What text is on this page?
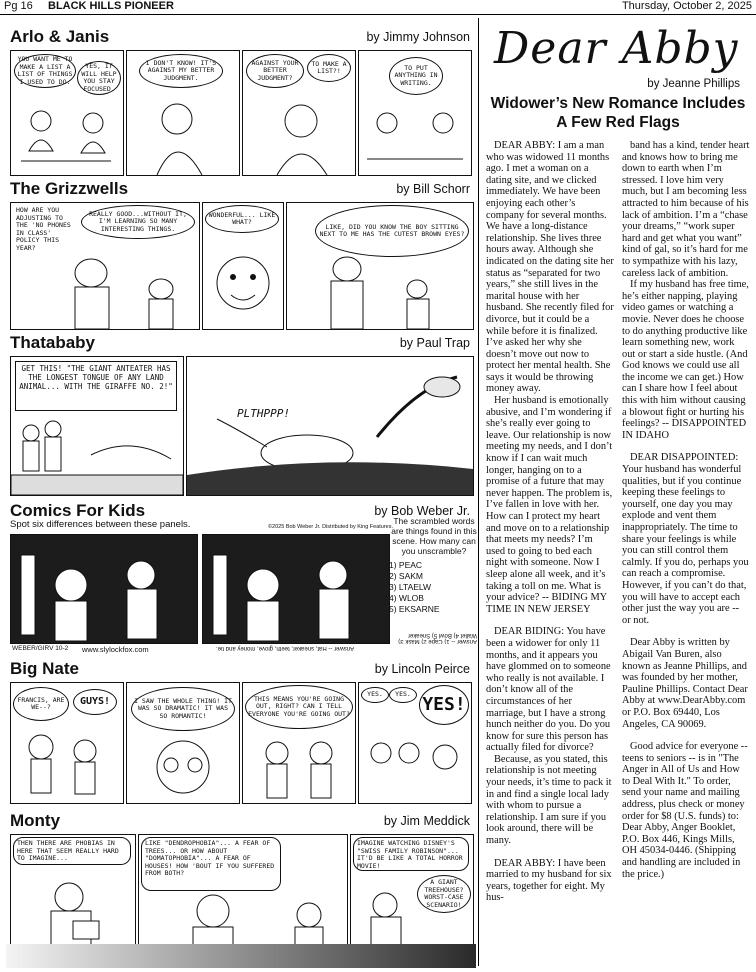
Pg 16 BLACK HILLS PIONEER	Thursday, October 2, 2025
Arlo & Janis	by Jimmy Johnson
YOU WANT ME TO MAKE A LIST A LIST OF THINGS I USED TO DO.
YES, IT WILL HELP YOU STAY FOCUSED.
I DON'T KNOW! IT'S AGAINST MY BETTER JUDGMENT.
AGAINST YOUR BETTER JUDGMENT?
TO MAKE A LIST?!	TO PUT ANYTHING IN WRITING.
The Grizzwells	by Bill Schorr
HOW ARE YOU ADJUSTING TO THE 'NO PHONES IN CLASS' POLICY THIS YEAR?
REALLY GOOD...WITHOUT IT, I'M LEARNING SO MANY INTERESTING THINGS.
WONDERFUL... LIKE WHAT?
LIKE, DID YOU KNOW THE BOY SITTING NEXT TO ME HAS THE CUTEST BROWN EYES?
Thatababy	by Paul Trap
GET THIS! "THE GIANT ANTEATER HAS THE LONGEST TONGUE OF ANY LAND ANIMAL... WITH THE GIRAFFE NO. 2!"
PLTHPPP!
Comics For Kids	by Bob Weber Jr.
Spot six differences between these panels.	©2025 Bob Weber Jr. Distributed by King Features.
The scrambled words are things found in this scene. How many can you unscramble?
1) PEAC
2) SAKM
3) LTAELW
4) WLOB
5) EKSARNE
WEBER/GIRV 10-2 www.slylockfox.com	Answer -- Hat, sneaker, teeth, glove, money and tie.
Answer -- 1) Cape 2) Mask 3) Wallet 4) Bowl 5) Sneaker
Big Nate	by Lincoln Peirce
FRANCIS, ARE WE--?	GUYS!	I SAW THE WHOLE THING! IT WAS SO DRAMATIC! IT WAS SO ROMANTIC!
THIS MEANS YOU'RE GOING OUT, RIGHT? CAN I TELL EVERYONE YOU'RE GOING OUT?
YES.	YES. YES!
Monty	by Jim Meddick
THEN THERE ARE PHOBIAS IN HERE THAT SEEM REALLY HARD TO IMAGINE...
LIKE "DENDROPHOBIA"... A FEAR OF TREES... OR HOW ABOUT "DOMATOPHOBIA"... A FEAR OF HOUSES! HOW 'BOUT IF YOU SUFFERED FROM BOTH?
IMAGINE WATCHING DISNEY'S "SWISS FAMILY ROBINSON"... IT'D BE LIKE A TOTAL HORROR MOVIE!
A GIANT TREEHOUSE? WORST-CASE SCENARIO!
Dear Abby
by Jeanne Phillips
Widower’s New Romance Includes A Few Red Flags

DEAR ABBY: I am a man who was widowed 11 months ago. I met a woman on a dating site, and we clicked immediately. We have been enjoying each other’s company for several months. We have a long-distance relationship. She lives three hours away. Although she indicated on the dating site her status as “separated for two years,” she still lives in the marital house with her husband. She recently filed for divorce, but it could be a while before it is finalized. I’ve asked her why she doesn’t move out now to protect her mental health. She says it would be throwing money away.

Her husband is emotionally abusive, and I’m wondering if she’s really ever going to leave. Our relationship is now meeting my needs, and I don’t know if I can wait much longer, hanging on to a promise of a future that may never happen. The problem is, I’ve fallen in love with her. How can I protect my heart and move on to a relationship that meets my needs? I’m used to going to bed each night with someone. Now I sleep alone all week, and it’s taking a toll on me. What is your advice? -- BIDING MY TIME IN NEW JERSEY

DEAR BIDING: You have been a widower for only 11 months, and it appears you have glommed on to someone who really is not available. I don’t know all of the circumstances of her marriage, but I have a strong hunch neither do you. Do you know for sure this person has actually filed for divorce?

Because, as you stated, this relationship is not meeting your needs, it’s time to pack it in and find a single local lady with whom to pursue a relationship. I am sure if you look around, there will be many.

DEAR ABBY: I have been married to my husband for six years, together for eight. My hus-

band has a kind, tender heart and knows how to bring me down to earth when I’m stressed. I love him very much, but I am becoming less attracted to him because of his lack of ambition. I’m a “chase your dreams,” “work super hard and get what you want” kind of gal, so it’s hard for me to sympathize with his lazy, careless lack of ambition.

If my husband has free time, he’s either napping, playing video games or watching a movie. Never does he choose to do anything productive like learn something new, work out or start a side hustle. (And God knows we could use all the income we can get.) How can I share how I feel about this with him without causing a blowout fight or hurting his feelings? -- DISAPPOINTED IN IDAHO

DEAR DISAPPOINTED: Your husband has wonderful qualities, but if you continue keeping these feelings to yourself, one day you may explode and vent them inappropriately. The time to share your feelings is while you can still control them calmly. If you do, perhaps you can reach a compromise. However, if you can’t do that, you will have to accept each other just the way you are -- or not.

Dear Abby is written by Abigail Van Buren, also known as Jeanne Phillips, and was founded by her mother, Pauline Phillips. Contact Dear Abby at www.DearAbby.com or P.O. Box 69440, Los Angeles, CA 90069.

Good advice for everyone -- teens to seniors -- is in "The Anger in All of Us and How to Deal With It." To order, send your name and mailing address, plus check or money order for $8 (U.S. funds) to: Dear Abby, Anger Booklet, P.O. Box 446, Kings Mills, OH 45034-0446. (Shipping and handling are included in the price.)
